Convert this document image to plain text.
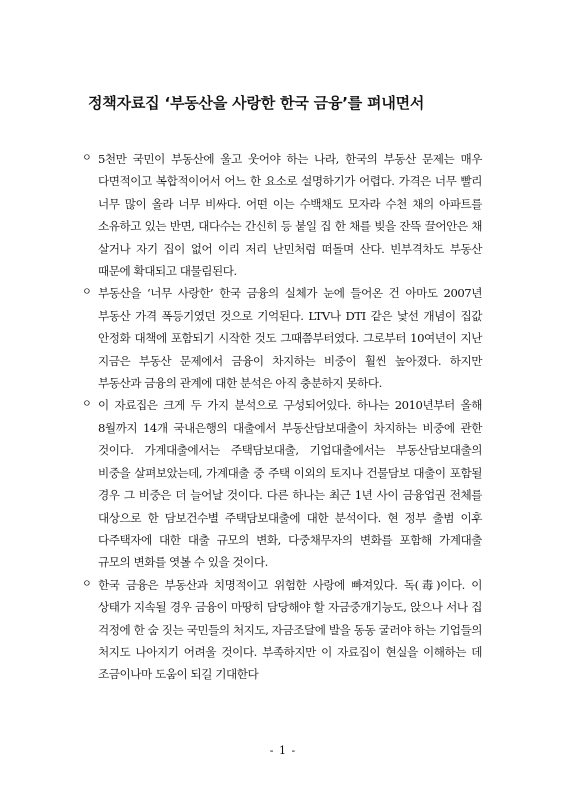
정책자료집 ‘부동산을 사랑한 한국 금융’를 펴내면서
ㅇ 5천만 국민이 부동산에 울고 웃어야 하는 나라, 한국의 부동산 문제는 매우 다면적이고 복합적이어서 어느 한 요소로 설명하기가 어렵다. 가격은 너무 빨리 너무 많이 올라 너무 비싸다. 어떤 이는 수백채도 모자라 수천 채의 아파트를 소유하고 있는 반면, 대다수는 간신히 등 붙일 집 한 채를 빚을 잔뜩 끌어안은 채 살거나 자기 집이 없어 이리 저리 난민처럼 떠돌며 산다. 빈부격차도 부동산 때문에 확대되고 대물림된다.
ㅇ 부동산을 ‘너무 사랑한’ 한국 금융의 실체가 눈에 들어온 건 아마도 2007년 부동산 가격 폭등기였던 것으로 기억된다. LTV나 DTI 같은 낯선 개념이 집값 안정화 대책에 포함되기 시작한 것도 그때쯤부터였다. 그로부터 10여년이 지난 지금은 부동산 문제에서 금융이 차지하는 비중이 훨씬 높아졌다. 하지만 부동산과 금융의 관계에 대한 분석은 아직 충분하지 못하다.
ㅇ 이 자료집은 크게 두 가지 분석으로 구성되어있다. 하나는 2010년부터 올해 8월까지 14개 국내은행의 대출에서 부동산담보대출이 차지하는 비중에 관한 것이다. 가계대출에서는 주택담보대출, 기업대출에서는 부동산담보대출의 비중을 살펴보았는데, 가계대출 중 주택 이외의 토지나 건물담보 대출이 포함될 경우 그 비중은 더 늘어날 것이다. 다른 하나는 최근 1년 사이 금융업권 전체를 대상으로 한 담보건수별 주택담보대출에 대한 분석이다. 현 정부 출범 이후 다주택자에 대한 대출 규모의 변화, 다중채무자의 변화를 포함해 가계대출 규모의 변화를 엿볼 수 있을 것이다.
ㅇ 한국 금융은 부동산과 치명적이고 위험한 사랑에 빠져있다. 독(毒)이다. 이 상태가 지속될 경우 금융이 마땅히 담당해야 할 자금중개기능도, 앉으나 서나 집 걱정에 한 숨 짓는 국민들의 처지도, 자금조달에 발을 동동 굴러야 하는 기업들의 처지도 나아지기 어려울 것이다. 부족하지만 이 자료집이 현실을 이해하는 데 조금이나마 도움이 되길 기대한다
- 1 -
